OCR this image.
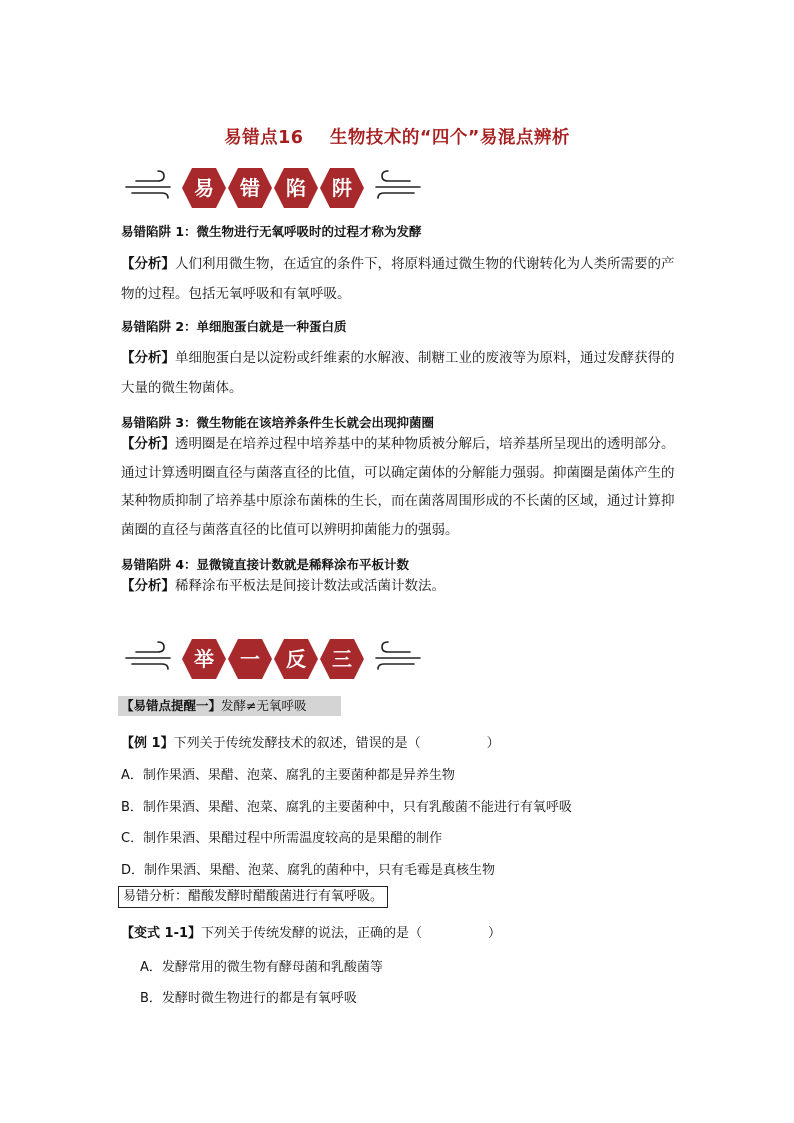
易错点16    生物技术的“四个”易混点辨析
易 错 陷 阱
易错陷阱 1：微生物进行无氧呼吸时的过程才称为发酵
【分析】人们利用微生物，在适宜的条件下，将原料通过微生物的代谢转化为人类所需要的产
物的过程。包括无氧呼吸和有氧呼吸。
易错陷阱 2：单细胞蛋白就是一种蛋白质
【分析】单细胞蛋白是以淀粉或纤维素的水解液、制糖工业的废液等为原料，通过发酵获得的
大量的微生物菌体。
易错陷阱 3：微生物能在该培养条件生长就会出现抑菌圈
【分析】透明圈是在培养过程中培养基中的某种物质被分解后，培养基所呈现出的透明部分。
通过计算透明圈直径与菌落直径的比值，可以确定菌体的分解能力强弱。抑菌圈是菌体产生的
某种物质抑制了培养基中原涂布菌株的生长，而在菌落周围形成的不长菌的区域，通过计算抑
菌圈的直径与菌落直径的比值可以辨明抑菌能力的强弱。
易错陷阱 4：显微镜直接计数就是稀释涂布平板计数
【分析】稀释涂布平板法是间接计数法或活菌计数法。
举 一 反 三
【易错点提醒一】发酵≠无氧呼吸
【例 1】下列关于传统发酵技术的叙述，错误的是（	）
A．制作果酒、果醋、泡菜、腐乳的主要菌种都是异养生物
B．制作果酒、果醋、泡菜、腐乳的主要菌种中，只有乳酸菌不能进行有氧呼吸
C．制作果酒、果醋过程中所需温度较高的是果醋的制作
D．制作果酒、果醋、泡菜、腐乳的菌种中，只有毛霉是真核生物
易错分析：醋酸发酵时醋酸菌进行有氧呼吸。
【变式 1-1】下列关于传统发酵的说法，正确的是（	）
A．发酵常用的微生物有酵母菌和乳酸菌等
B．发酵时微生物进行的都是有氧呼吸
